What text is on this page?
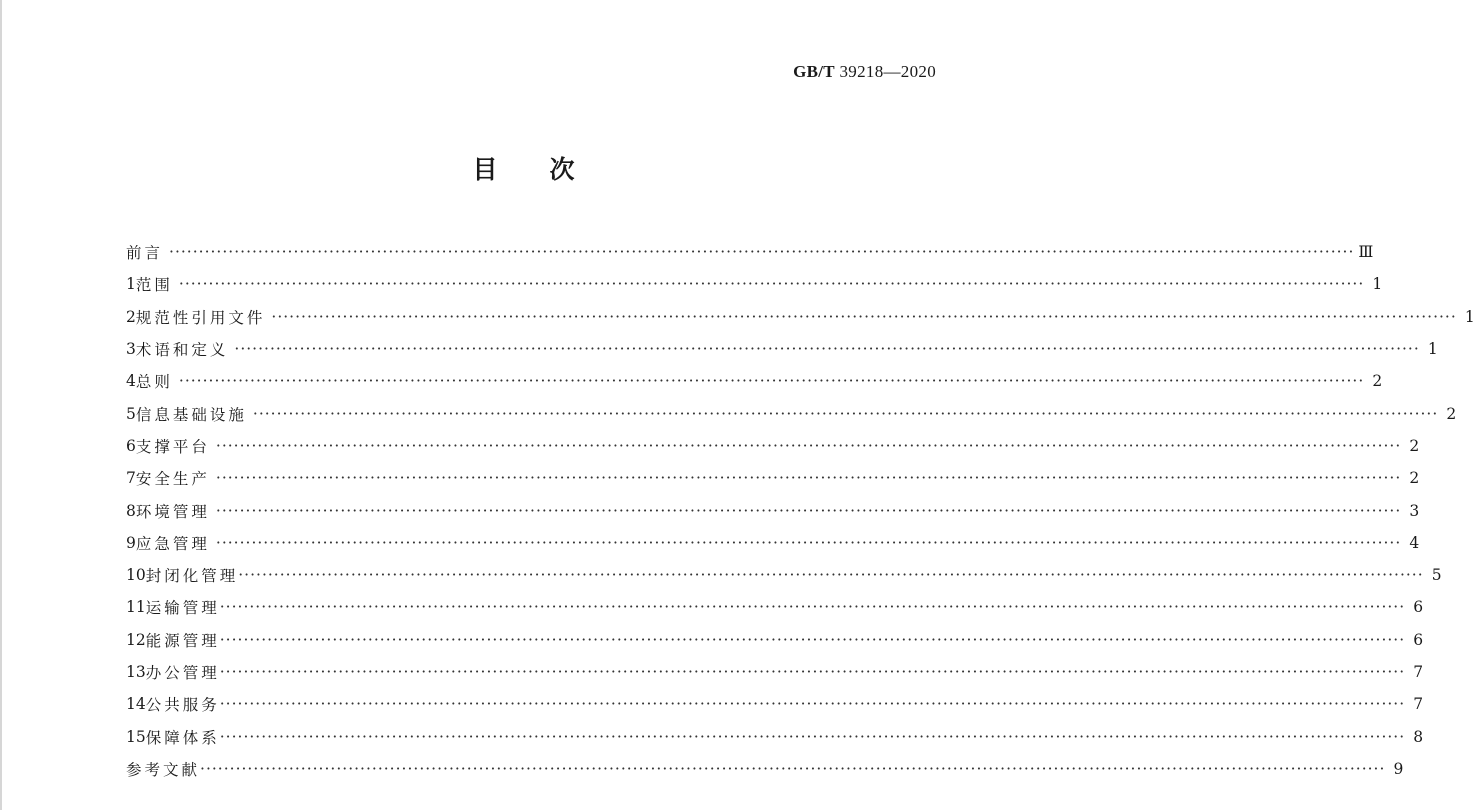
GB/T 39218—2020
目次
前言 ········································································································································································································ Ⅲ
1 范围 ········································································································································································································ 1
2 规范性引用文件 ········································································································································································································ 1
3 术语和定义 ········································································································································································································ 1
4 总则 ········································································································································································································ 2
5 信息基础设施 ········································································································································································································ 2
6 支撑平台 ········································································································································································································ 2
7 安全生产 ········································································································································································································ 2
8 环境管理 ········································································································································································································ 3
9 应急管理 ········································································································································································································ 4
10 封闭化管理 ········································································································································································································ 5
11 运输管理 ········································································································································································································ 6
12 能源管理 ········································································································································································································ 6
13 办公管理 ········································································································································································································ 7
14 公共服务 ········································································································································································································ 7
15 保障体系 ········································································································································································································ 8
参考文献 ········································································································································································································ 9
